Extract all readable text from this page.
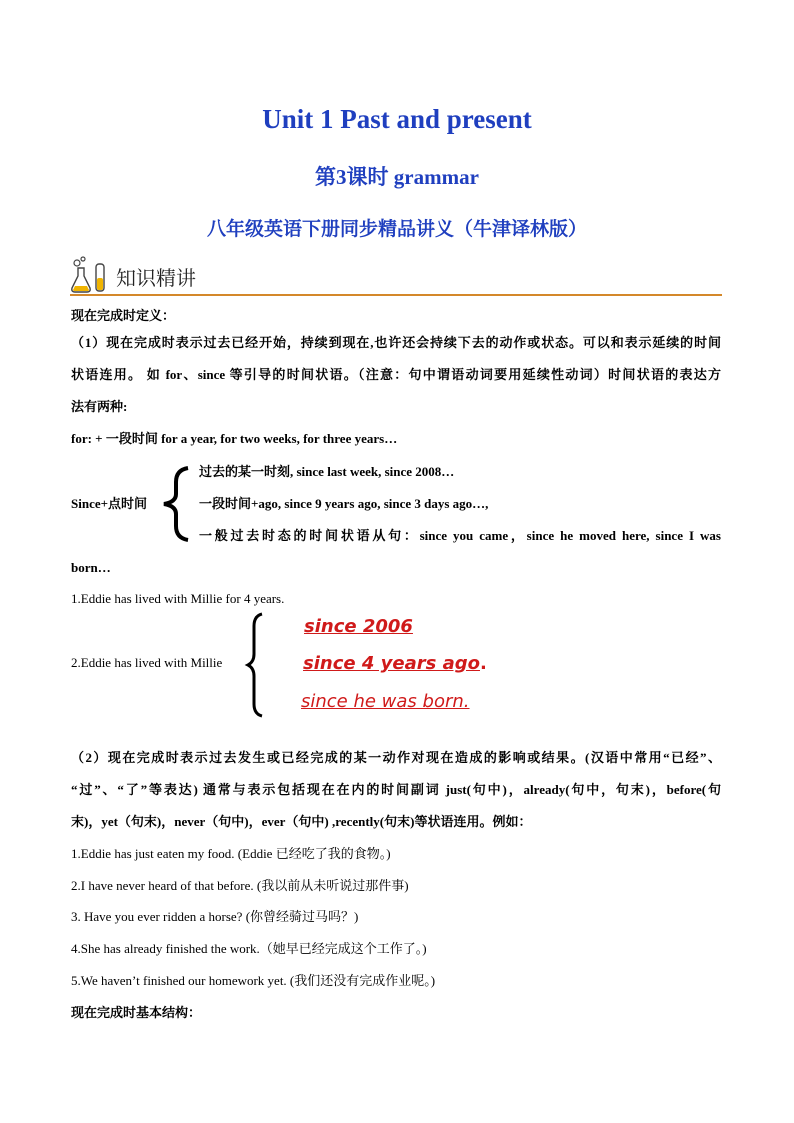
Unit 1 Past and present
第3课时 grammar
八年级英语下册同步精品讲义（牛津译林版）
知识精讲
现在完成时定义：
（1）现在完成时表示过去已经开始，持续到现在,也许还会持续下去的动作或状态。可以和表示延续的时间
状语连用。 如 for、since 等引导的时间状语。（注意：句中谓语动词要用延续性动词）时间状语的表达方
法有两种:
for: + 一段时间 for a year, for two weeks, for three years…
Since+点时间
过去的某一时刻, since last week, since 2008…
一段时间+ago, since 9 years ago, since 3 days ago…,
一般过去时态的时间状语从句：since you came，since he moved here, since I was
born…
1.Eddie has lived with Millie for 4 years.
2.Eddie has lived with Millie
since 2006
since 4 years ago.
since he was born.
（2）现在完成时表示过去发生或已经完成的某一动作对现在造成的影响或结果。(汉语中常用“已经”、
“过”、“了”等表达) 通常与表示包括现在在内的时间副词 just(句中)，already(句中，句末)，before(句
末)，yet（句末)，never（句中)，ever（句中) ,recently(句末)等状语连用。例如：
1.Eddie has just eaten my food. (Eddie 已经吃了我的食物。)
2.I have never heard of that before. (我以前从未听说过那件事)
3. Have you ever ridden a horse? (你曾经骑过马吗？)
4.She has already finished the work.（她早已经完成这个工作了。)
5.We haven’t finished our homework yet. (我们还没有完成作业呢。)
现在完成时基本结构：
